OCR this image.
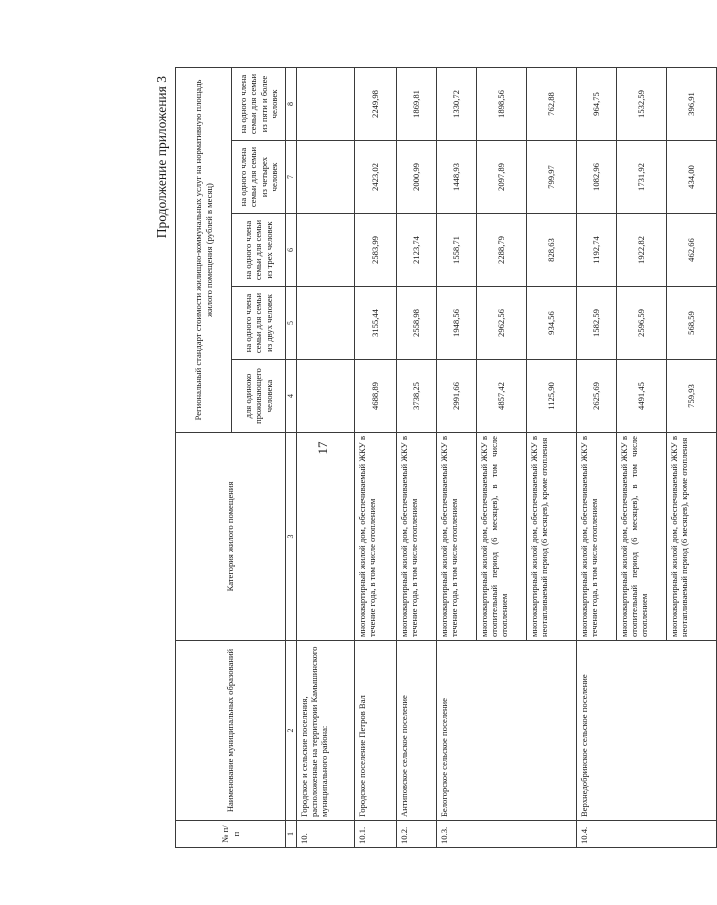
17
Продолжение приложения 3
№ п/п	Наименование муниципальных образований	Категория жилого помещения	Региональный стандарт стоимости жилищно-коммунальных услуг на нормативную площадь жилого помещения (рублей в месяц)				
			для одиноко проживающего человека	на одного члена семьи для семьи из двух человек	на одного члена семьи для семьи из трех человек	на одного члена семьи для семьи из четырех человек	на одного члена семьи для семьи из пяти и более человек
1	2	3	4	5	6	7	8
10.	Городское и сельские поселения, расположенные на территории Камышинского муниципального района:						
10.1.	Городское поселение Петров Вал	многоквартирный жилой дом, обеспечиваемый ЖКУ в течение года, в том числе отоплением	4688,89	3155,44	2583,99	2423,02	2249,98
10.2.	Антиповское сельское поселение	многоквартирный жилой дом, обеспечиваемый ЖКУ в течение года, в том числе отоплением	3738,25	2558,98	2123,74	2000,99	1869,81
10.3.	Белогорское сельское поселение	многоквартирный жилой дом, обеспечиваемый ЖКУ в течение года, в том числе отоплением	2991,66	1948,56	1558,71	1448,93	1330,72
		многоквартирный жилой дом, обеспечиваемый ЖКУ в отопительный период (6 месяцев), в том числе отоплением	4857,42	2962,56	2288,79	2097,89	1898,56
		многоквартирный жилой дом, обеспечиваемый ЖКУ в неотапливаемый период (6 месяцев), кроме отопления	1125,90	934,56	828,63	799,97	762,88
10.4.	Верхнедобринское сельское поселение	многоквартирный жилой дом, обеспечиваемый ЖКУ в течение года, в том числе отоплением	2625,69	1582,59	1192,74	1082,96	964,75
		многоквартирный жилой дом, обеспечиваемый ЖКУ в отопительный период (6 месяцев), в том числе отоплением	4491,45	2596,59	1922,82	1731,92	1532,59
		многоквартирный жилой дом, обеспечиваемый ЖКУ в неотапливаемый период (6 месяцев), кроме отопления	759,93	568,59	462,66	434,00	396,91
